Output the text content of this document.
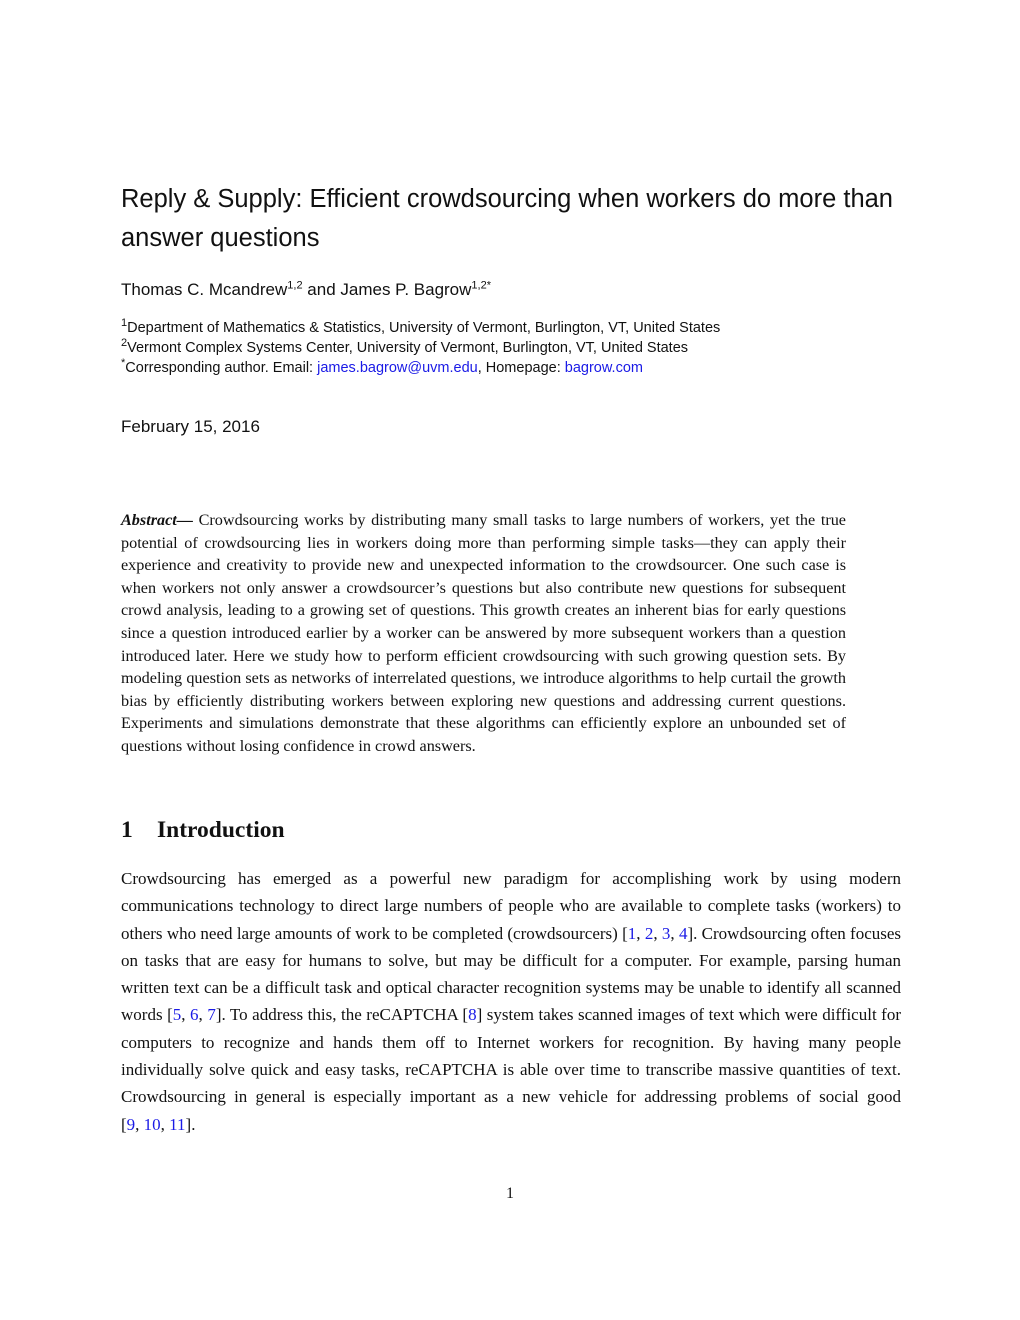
Reply & Supply: Efficient crowdsourcing when workers do more than answer questions
Thomas C. Mcandrew$^{1,2}$ and James P. Bagrow$^{1,2*}$
$^1$Department of Mathematics & Statistics, University of Vermont, Burlington, VT, United States
$^2$Vermont Complex Systems Center, University of Vermont, Burlington, VT, United States
*Corresponding author. Email: james.bagrow@uvm.edu, Homepage: bagrow.com
February 15, 2016

Abstract— Crowdsourcing works by distributing many small tasks to large numbers of workers, yet the true potential of crowdsourcing lies in workers doing more than performing simple tasks—they can apply their experience and creativity to provide new and unexpected information to the crowdsourcer. One such case is when workers not only answer a crowdsourcer’s questions but also contribute new questions for subsequent crowd analysis, leading to a growing set of questions. This growth creates an inherent bias for early questions since a question introduced earlier by a worker can be answered by more subsequent workers than a question introduced later. Here we study how to perform efficient crowdsourcing with such growing question sets. By modeling question sets as networks of interrelated questions, we introduce algorithms to help curtail the growth bias by efficiently distributing workers between exploring new questions and addressing current questions. Experiments and simulations demonstrate that these algorithms can efficiently explore an unbounded set of questions without losing confidence in crowd answers.

1 Introduction

Crowdsourcing has emerged as a powerful new paradigm for accomplishing work by using modern communications technology to direct large numbers of people who are available to complete tasks (workers) to others who need large amounts of work to be completed (crowdsourcers) [1, 2, 3, 4]. Crowdsourcing often focuses on tasks that are easy for humans to solve, but may be difficult for a computer. For example, parsing human written text can be a difficult task and optical character recognition systems may be unable to identify all scanned words [5, 6, 7]. To address this, the reCAPTCHA [8] system takes scanned images of text which were difficult for computers to recognize and hands them off to Internet workers for recognition. By having many people individually solve quick and easy tasks, reCAPTCHA is able over time to transcribe massive quantities of text. Crowdsourcing in general is especially important as a new vehicle for addressing problems of social good [9, 10, 11].

1
